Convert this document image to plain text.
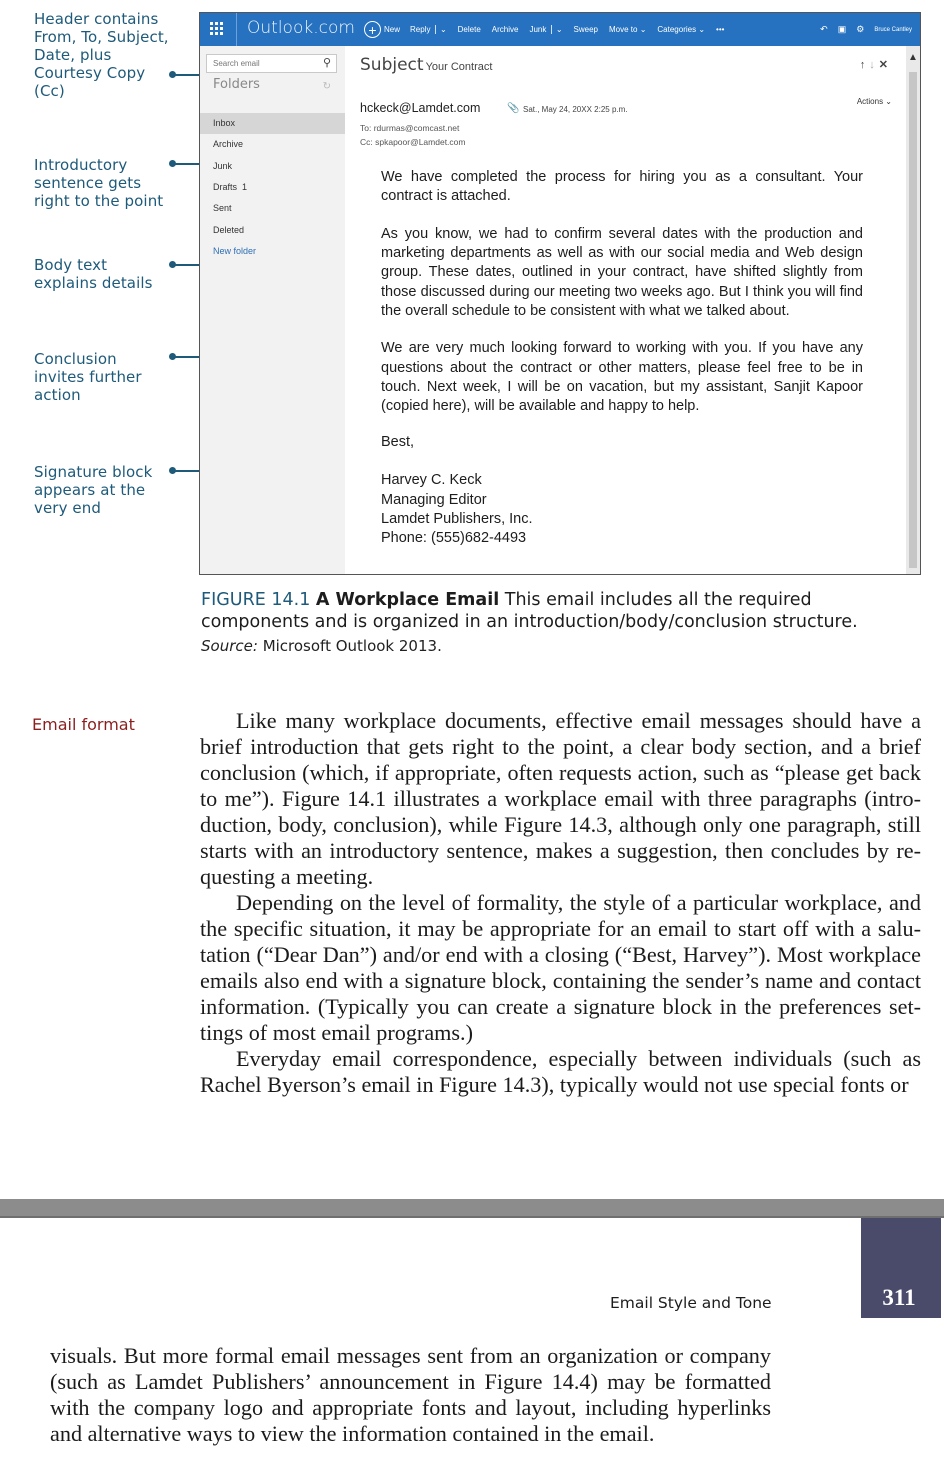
Header contains From, To, Subject, Date, plus Courtesy Copy (Cc)
Introductory sentence gets right to the point
Body text explains details
Conclusion invites further action
Signature block appears at the very end
Outlook.com + New Reply ⌄ Delete Archive Junk ⌄ Sweep Move to ⌄ Categories ⌄ •••	↶ ▣ ⚙ Bruce Cantley
Search email	⚲
Folders	↻
Inbox
Archive
Junk
Drafts 1
Sent
Deleted
New folder
Subject Your Contract	↑↓✕
Actions ⌄
hckeck@Lamdet.com	📎 Sat., May 24, 20XX 2:25 p.m.
To: rdurmas@comcast.net
Cc: spkapoor@Lamdet.com

We have completed the process for hiring you as a consultant. Your contract is attached.

As you know, we had to confirm several dates with the production and marketing departments as well as with our social media and Web design group. These dates, outlined in your contract, have shifted slightly from those discussed during our meeting two weeks ago. But I think you will find the overall schedule to be consistent with what we talked about.

We are very much looking forward to working with you. If you have any questions about the contract or other matters, please feel free to be in touch. Next week, I will be on vacation, but my assistant, Sanjit Kapoor (copied here), will be available and happy to help.

Best,

Harvey C. Keck
Managing Editor
Lamdet Publishers, Inc.
Phone: (555)682-4493
▲
FIGURE 14.1 A Workplace Email This email includes all the required components and is organized in an introduction/body/conclusion structure.
Source: Microsoft Outlook 2013.
Email format	Like many workplace documents, effective email messages should have a brief introduction that gets right to the point, a clear body section, and a brief conclusion (which, if appropriate, often requests action, such as “please get back to me”). Figure 14.1 illustrates a workplace email with three paragraphs (introduction, body, conclusion), while Figure 14.3, although only one paragraph, still starts with an introductory sentence, makes a suggestion, then concludes by requesting a meeting.

Depending on the level of formality, the style of a particular workplace, and the specific situation, it may be appropriate for an email to start off with a salutation (“Dear Dan”) and/or end with a closing (“Best, Harvey”). Most workplace emails also end with a signature block, containing the sender’s name and contact information. (Typically you can create a signature block in the preferences settings of most email programs.)

Everyday email correspondence, especially between individuals (such as Rachel Byerson’s email in Figure 14.3), typically would not use special fonts or

Email Style and Tone	311
visuals. But more formal email messages sent from an organization or company (such as Lamdet Publishers’ announcement in Figure 14.4) may be formatted with the company logo and appropriate fonts and layout, including hyperlinks and alternative ways to view the information contained in the email.
